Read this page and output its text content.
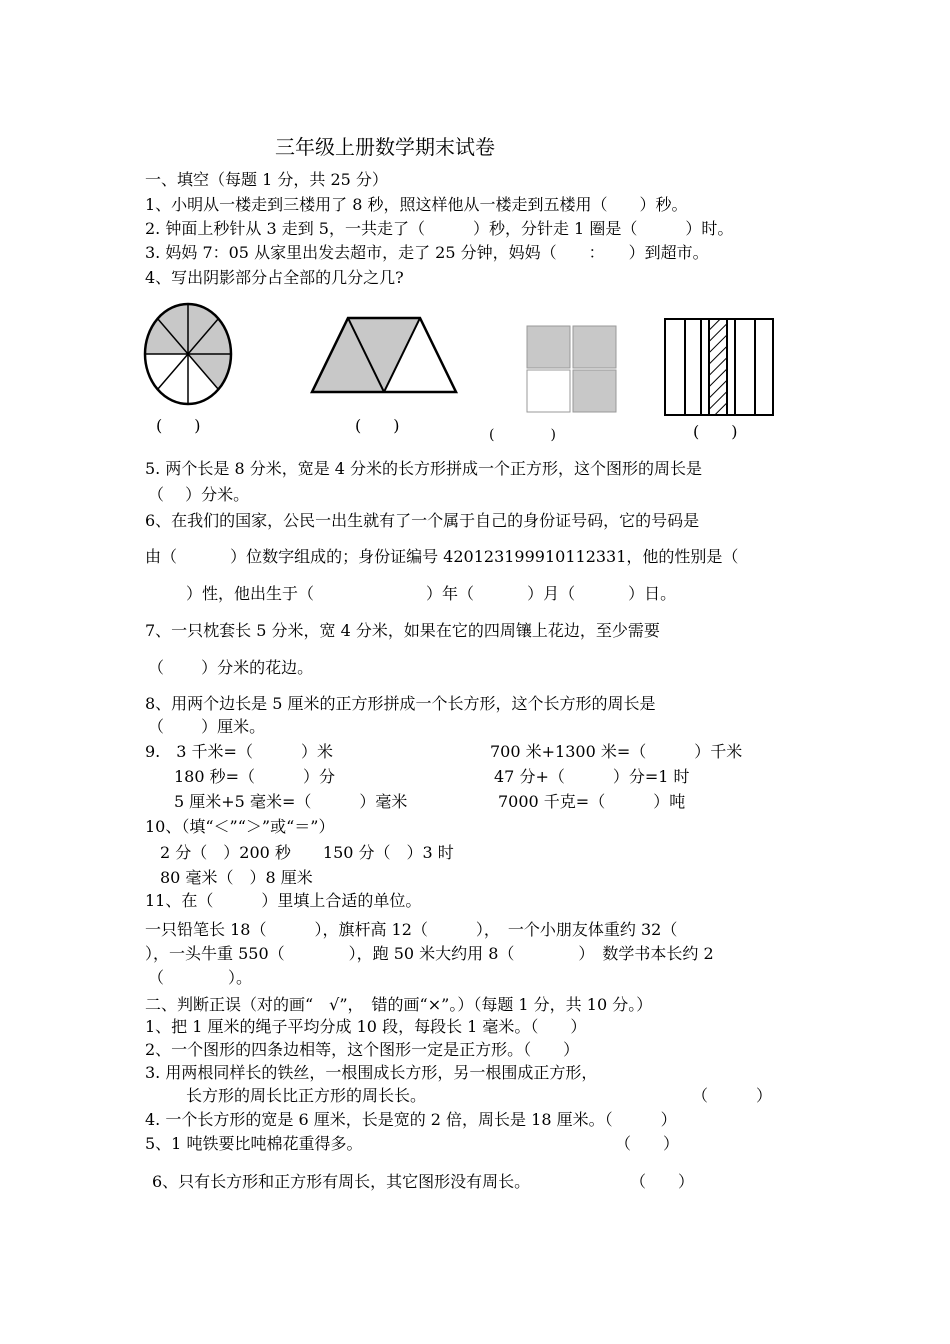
三年级上册数学期末试卷
一、填空（每题 1 分，共 25 分）
1、小明从一楼走到三楼用了 8 秒，照这样他从一楼走到五楼用（　　）秒。
2. 钟面上秒针从 3 走到 5，一共走了（　　　）秒，分针走 1 圈是（　　　）时。
3. 妈妈 7：05 从家里出发去超市，走了 25 分钟，妈妈（　　：　　）到超市。
4、写出阴影部分占全部的几分之几?
(　　)	(　　)	(　　　　)	(　　)
5. 两个长是 8 分米，宽是 4 分米的长方形拼成一个正方形，这个图形的周长是
（　 ）分米。
6、在我们的国家，公民一出生就有了一个属于自己的身份证号码，它的号码是
由（　　　 ）位数字组成的；身份证编号 420123199910112331，他的性别是（
）性，他出生于（　　　　　　　）年（　　　 ）月（　　　 ）日。
7、一只枕套长 5 分米，宽 4 分米，如果在它的四周镶上花边，至少需要
（　　 ）分米的花边。
8、用两个边长是 5 厘米的正方形拼成一个长方形，这个长方形的周长是
（　　 ）厘米。
9.　3 千米=（　　　）米	700 米+1300 米=（　　　）千米
180 秒=（　　　）分	47 分+（　　　）分=1 时
5 厘米+5 毫米=（　　　）毫米	7000 千克=（　　　）吨
10、（填“＜”“＞”或“＝”）
2 分（　）200 秒　　150 分（　）3 时
80 毫米（　）8 厘米
11、在（　　　）里填上合适的单位。
一只铅笔长 18（　　　），旗杆高 12（　　　），　一个小朋友体重约 32（
），一头牛重 550（　　　　），跑 50 米大约用 8（　　　　）　数学书本长约 2
（　　　　）。
二、判断正误（对的画“　√”，　错的画“×”。）（每题 1 分，共 10 分。）
1、把 1 厘米的绳子平均分成 10 段，每段长 1 毫米。（　　）
2、一个图形的四条边相等，这个图形一定是正方形。（　　）
3. 用两根同样长的铁丝，一根围成长方形，另一根围成正方形，
长方形的周长比正方形的周长长。	（　　　）
4. 一个长方形的宽是 6 厘米，长是宽的 2 倍，周长是 18 厘米。（　　　）
5、1 吨铁要比吨棉花重得多。	（　　）
6、只有长方形和正方形有周长，其它图形没有周长。	（　　）
